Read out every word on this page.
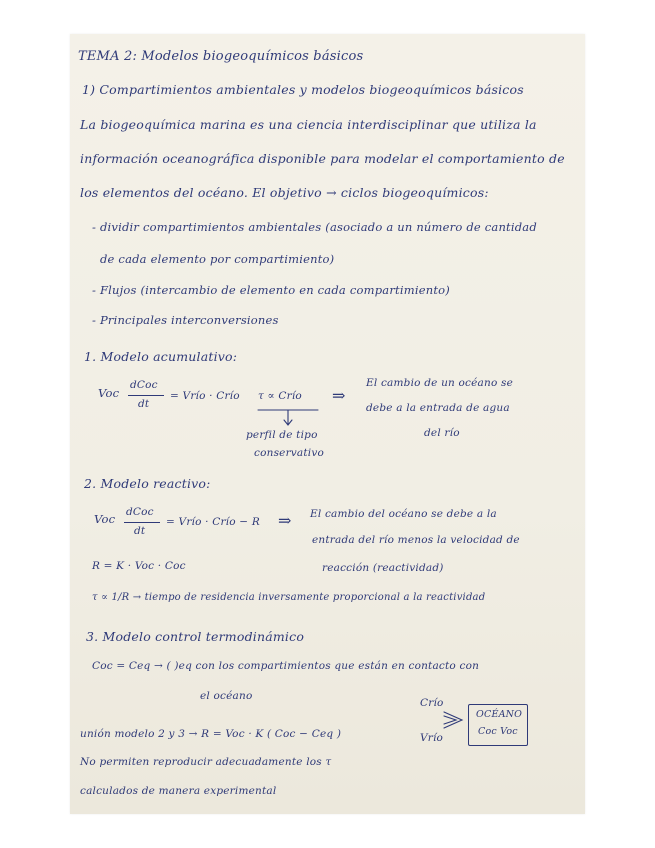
TEMA 2: Modelos biogeoquímicos básicos
1) Compartimientos ambientales y modelos biogeoquímicos básicos
La biogeoquímica marina es una ciencia interdisciplinar que utiliza la
información oceanográfica disponible para modelar el comportamiento de
los elementos del océano. El objetivo → ciclos biogeoquímicos:
- dividir compartimientos ambientales (asociado a un número de cantidad
de cada elemento por compartimiento)
- Flujos (intercambio de elemento en cada compartimiento)
- Principales interconversiones
1. Modelo acumulativo:
Voc
dCoc
dt
= Vrío · Crío τ ∝ Crío
perfil de tipo
conservativo
⇒
El cambio de un océano se
debe a la entrada de agua
del río
2. Modelo reactivo:
Voc dCoc
dt
= Vrío · Crío − R ⇒ El cambio del océano se debe a la
entrada del río menos la velocidad de
reacción (reactividad)
R = K · Voc · Coc
τ ∝ 1/R → tiempo de residencia inversamente proporcional a la reactividad
3. Modelo control termodinámico
Coc = Ceq → ( )eq con los compartimientos que están en contacto con
el océano
Crío
Vrío
OCÉANO
Coc Voc
unión modelo 2 y 3 → R = Voc · K ( Coc − Ceq )
No permiten reproducir adecuadamente los τ
calculados de manera experimental
